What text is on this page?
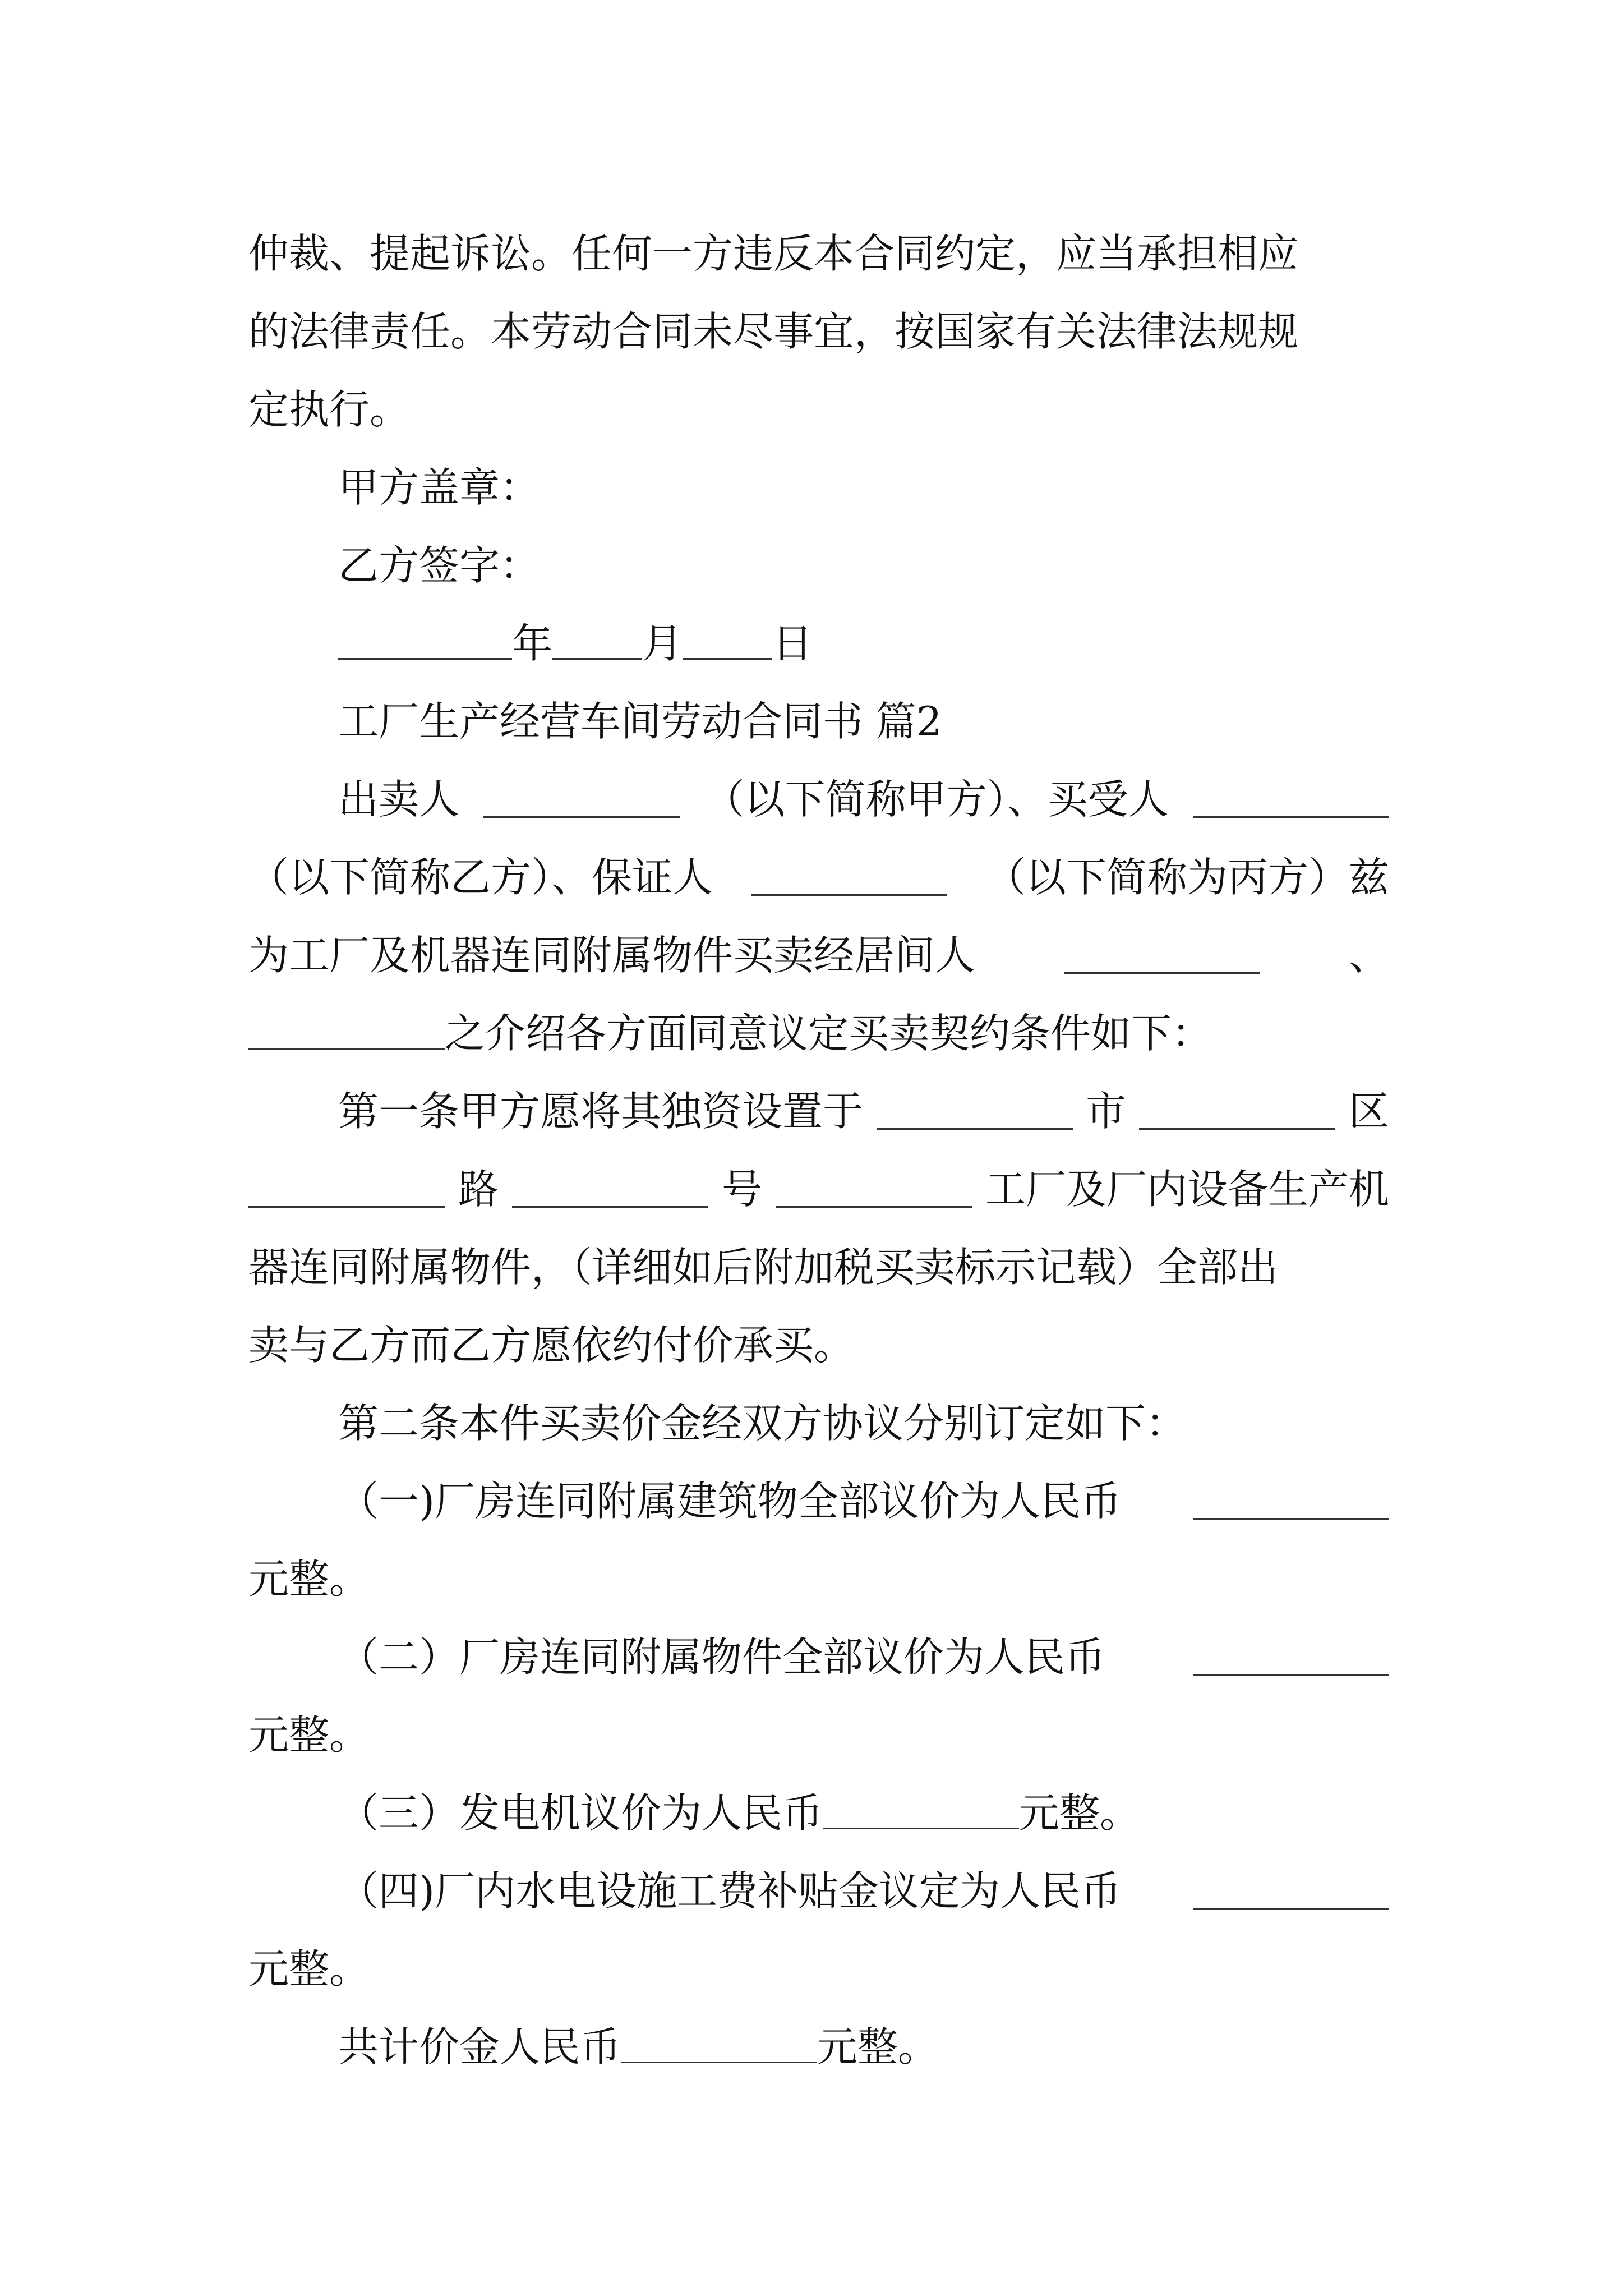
仲裁、提起诉讼。任何一方违反本合同约定，应当承担相应
的法律责任。本劳动合同未尽事宜，按国家有关法律法规规
定执行。
甲方盖章：
乙方签字：
年 月 日
工厂生产经营车间劳动合同书 篇2
出卖人	（以下简称甲方）、买受人
（以下简称乙方）、保证人	（以下简称为丙方）兹
为工厂及机器连同附属物件买卖经居间人	、
之介绍各方面同意议定买卖契约条件如下：
第一条甲方愿将其独资设置于	市	区
路	号	工厂及厂内设备生产机
器连同附属物件，（详细如后附加税买卖标示记载）全部出
卖与乙方而乙方愿依约付价承买。
第二条本件买卖价金经双方协议分别订定如下：
（一)厂房连同附属建筑物全部议价为人民币
元整。
（二）厂房连同附属物件全部议价为人民币
元整。
（三）发电机议价为人民币	元整。
（四)厂内水电设施工费补贴金议定为人民币
元整。
共计价金人民币	元整。
